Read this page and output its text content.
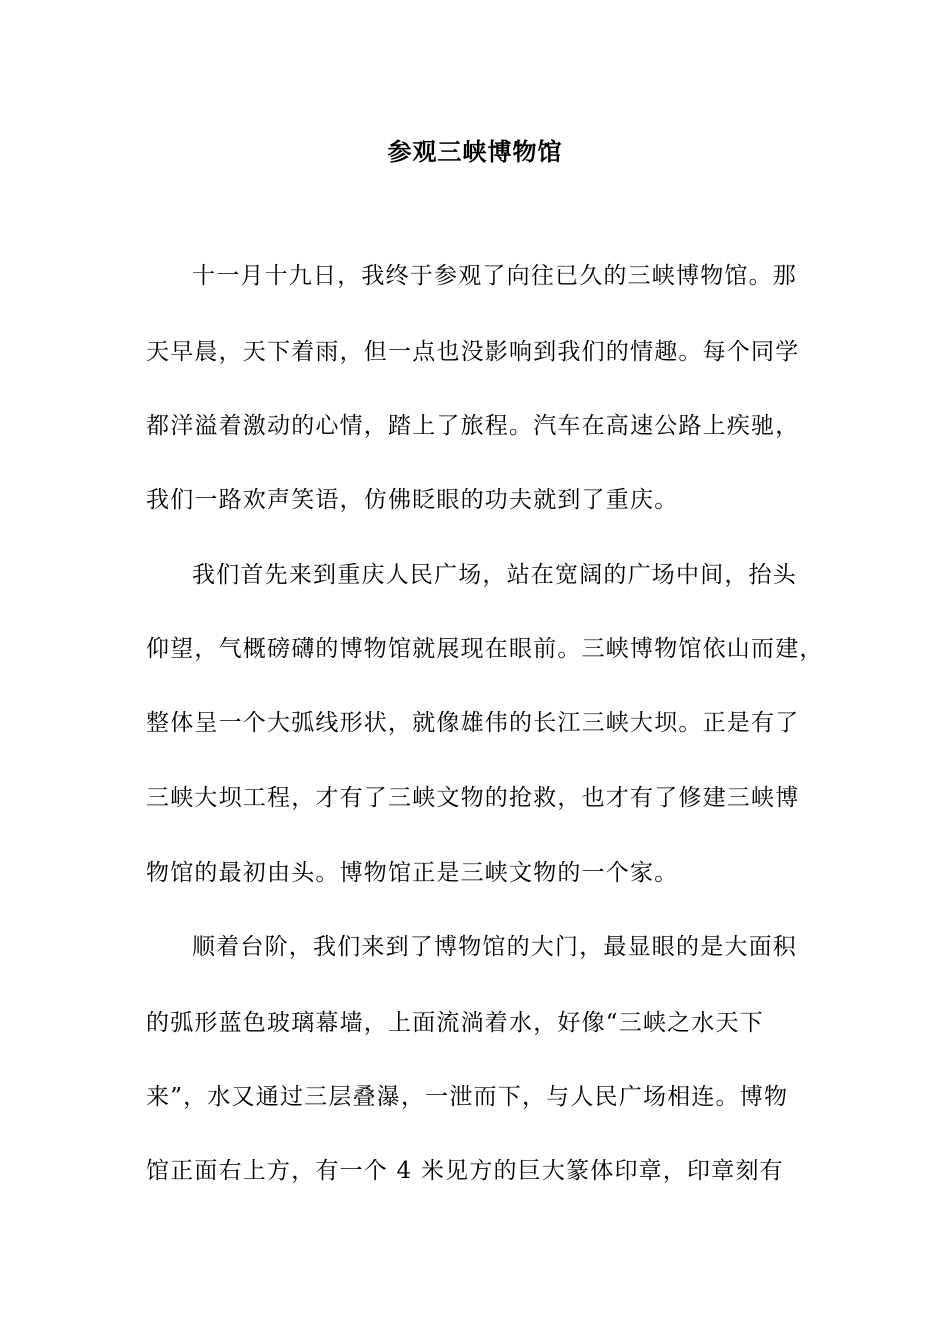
参观三峡博物馆
十一月十九日，我终于参观了向往已久的三峡博物馆。那
天早晨，天下着雨，但一点也没影响到我们的情趣。每个同学
都洋溢着激动的心情，踏上了旅程。汽车在高速公路上疾驰，
我们一路欢声笑语，仿佛眨眼的功夫就到了重庆。
我们首先来到重庆人民广场，站在宽阔的广场中间，抬头
仰望，气概磅礴的博物馆就展现在眼前。三峡博物馆依山而建，
整体呈一个大弧线形状，就像雄伟的长江三峡大坝。正是有了
三峡大坝工程，才有了三峡文物的抢救，也才有了修建三峡博
物馆的最初由头。博物馆正是三峡文物的一个家。
顺着台阶，我们来到了博物馆的大门，最显眼的是大面积
的弧形蓝色玻璃幕墙，上面流淌着水，好像“三峡之水天下
来”，水又通过三层叠瀑，一泄而下，与人民广场相连。博物
馆正面右上方，有一个 4 米见方的巨大篆体印章，印章刻有
